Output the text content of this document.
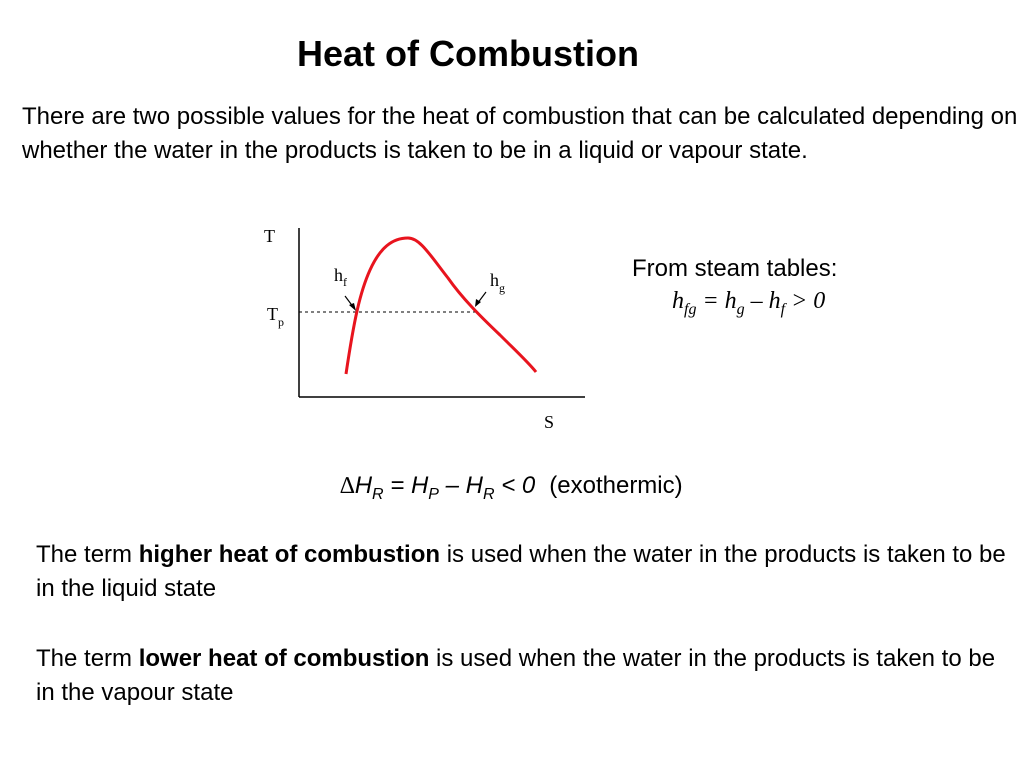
Heat of Combustion
There are two possible values for the heat of combustion that can be calculated depending on whether the water in the products is taken to be in a liquid or vapour state.
T
S
$T_p$
$h_f$	$h_g$
From steam tables:
$h_{fg} = h_g - h_f > 0$
$\Delta H_R = H_P - H_R < 0$ (exothermic)
The term higher heat of combustion is used when the water in the products is taken to be in the liquid state
The term lower heat of combustion is used when the water in the products is taken to be in the vapour state
